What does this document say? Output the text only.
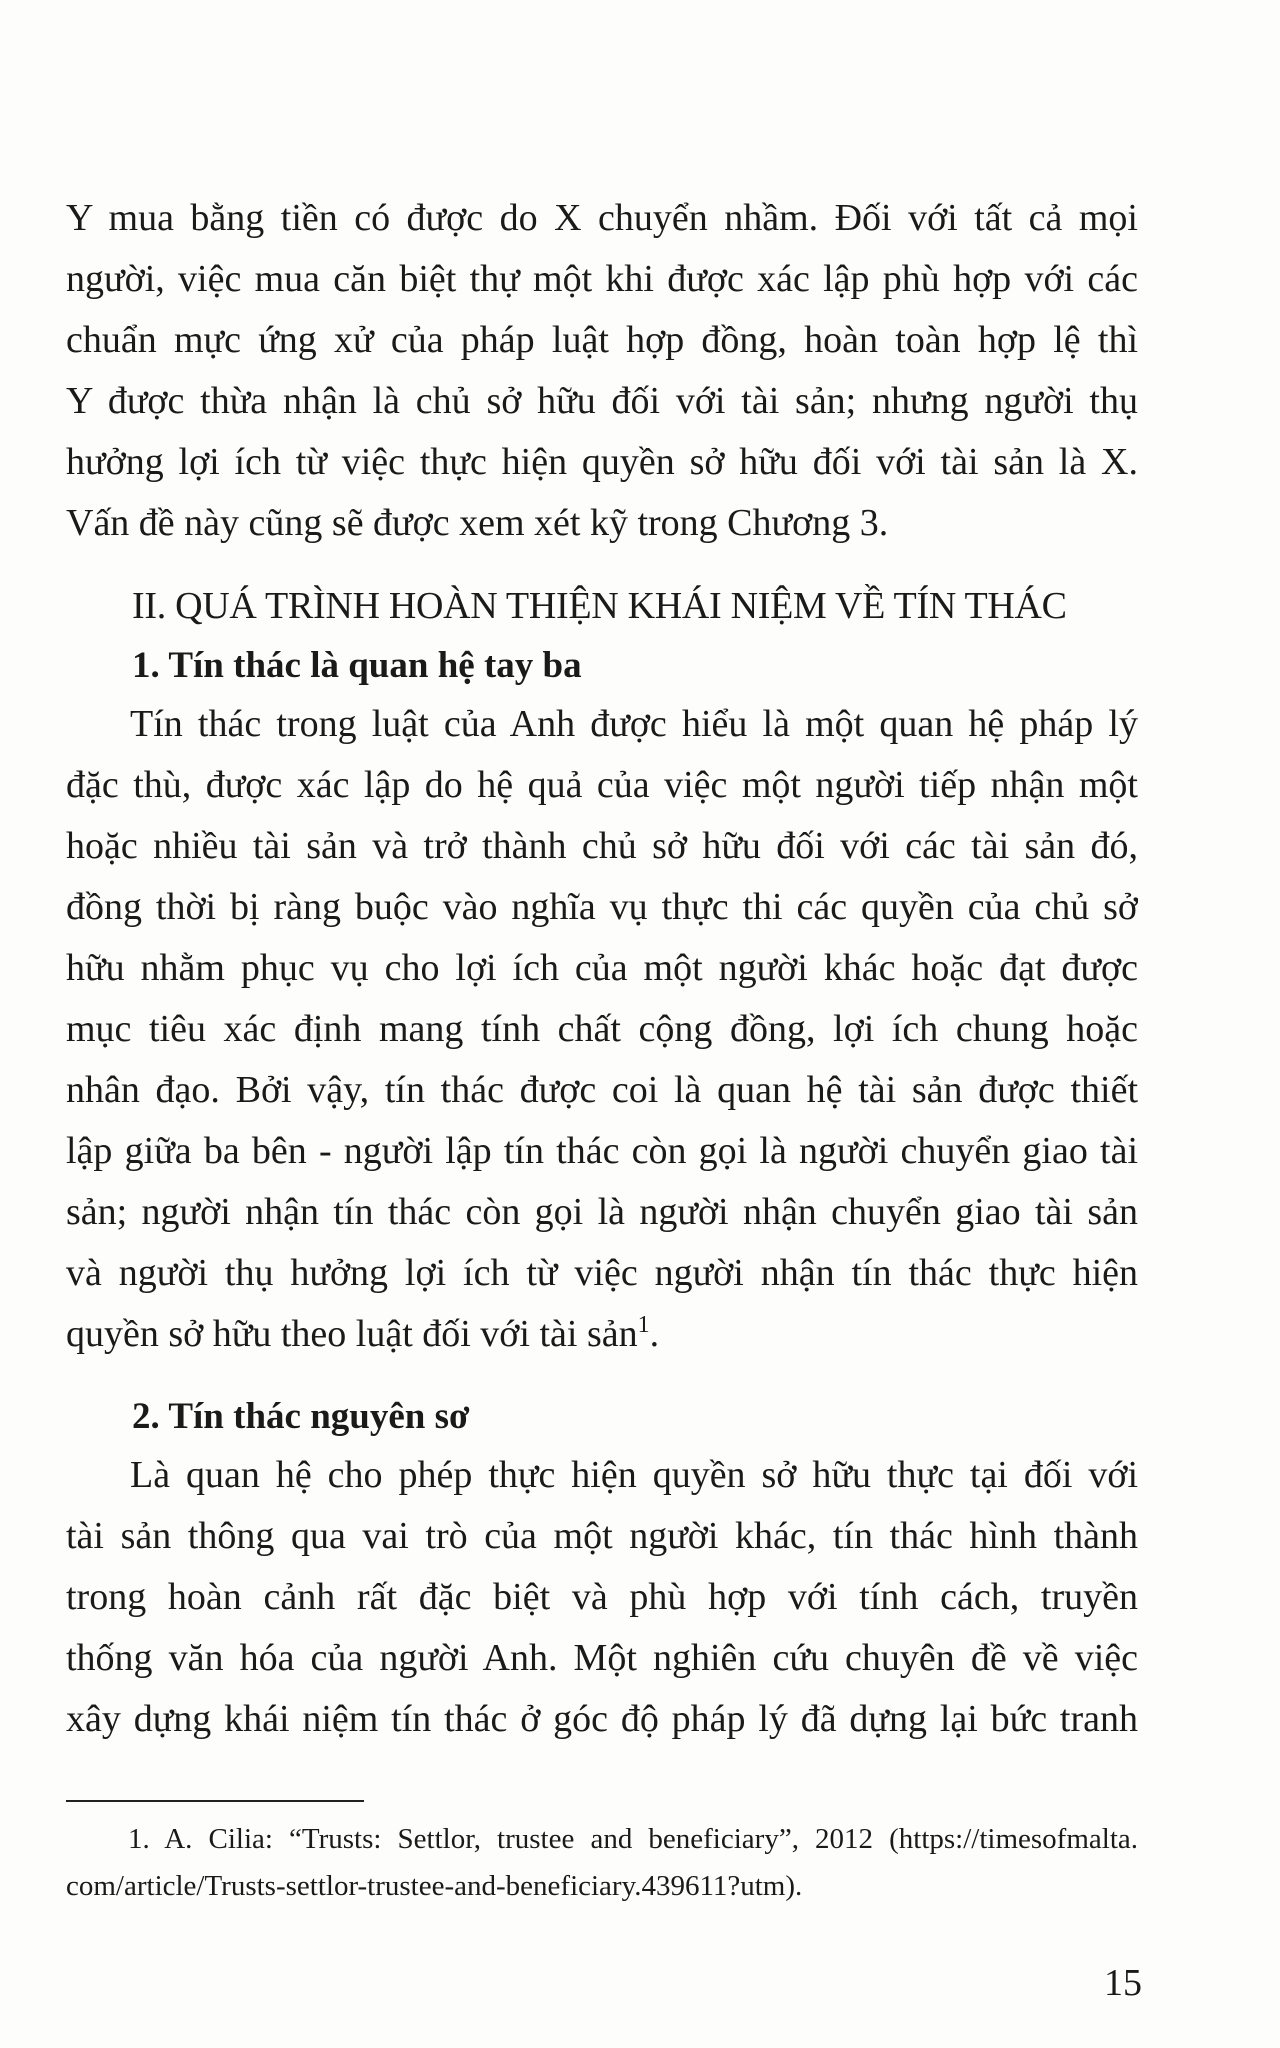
Y mua bằng tiền có được do X chuyển nhầm. Đối với tất cả mọi
người, việc mua căn biệt thự một khi được xác lập phù hợp với các
chuẩn mực ứng xử của pháp luật hợp đồng, hoàn toàn hợp lệ thì
Y được thừa nhận là chủ sở hữu đối với tài sản; nhưng người thụ
hưởng lợi ích từ việc thực hiện quyền sở hữu đối với tài sản là X.
Vấn đề này cũng sẽ được xem xét kỹ trong Chương 3.
II. QUÁ TRÌNH HOÀN THIỆN KHÁI NIỆM VỀ TÍN THÁC
1. Tín thác là quan hệ tay ba
Tín thác trong luật của Anh được hiểu là một quan hệ pháp lý
đặc thù, được xác lập do hệ quả của việc một người tiếp nhận một
hoặc nhiều tài sản và trở thành chủ sở hữu đối với các tài sản đó,
đồng thời bị ràng buộc vào nghĩa vụ thực thi các quyền của chủ sở
hữu nhằm phục vụ cho lợi ích của một người khác hoặc đạt được
mục tiêu xác định mang tính chất cộng đồng, lợi ích chung hoặc
nhân đạo. Bởi vậy, tín thác được coi là quan hệ tài sản được thiết
lập giữa ba bên - người lập tín thác còn gọi là người chuyển giao tài
sản; người nhận tín thác còn gọi là người nhận chuyển giao tài sản
và người thụ hưởng lợi ích từ việc người nhận tín thác thực hiện
quyền sở hữu theo luật đối với tài sản$^1$.
2. Tín thác nguyên sơ
Là quan hệ cho phép thực hiện quyền sở hữu thực tại đối với
tài sản thông qua vai trò của một người khác, tín thác hình thành
trong hoàn cảnh rất đặc biệt và phù hợp với tính cách, truyền
thống văn hóa của người Anh. Một nghiên cứu chuyên đề về việc
xây dựng khái niệm tín thác ở góc độ pháp lý đã dựng lại bức tranh
1. A. Cilia: “Trusts: Settlor, trustee and beneficiary”, 2012 (https://timesofmalta.
com/article/Trusts-settlor-trustee-and-beneficiary.439611?utm).
15
